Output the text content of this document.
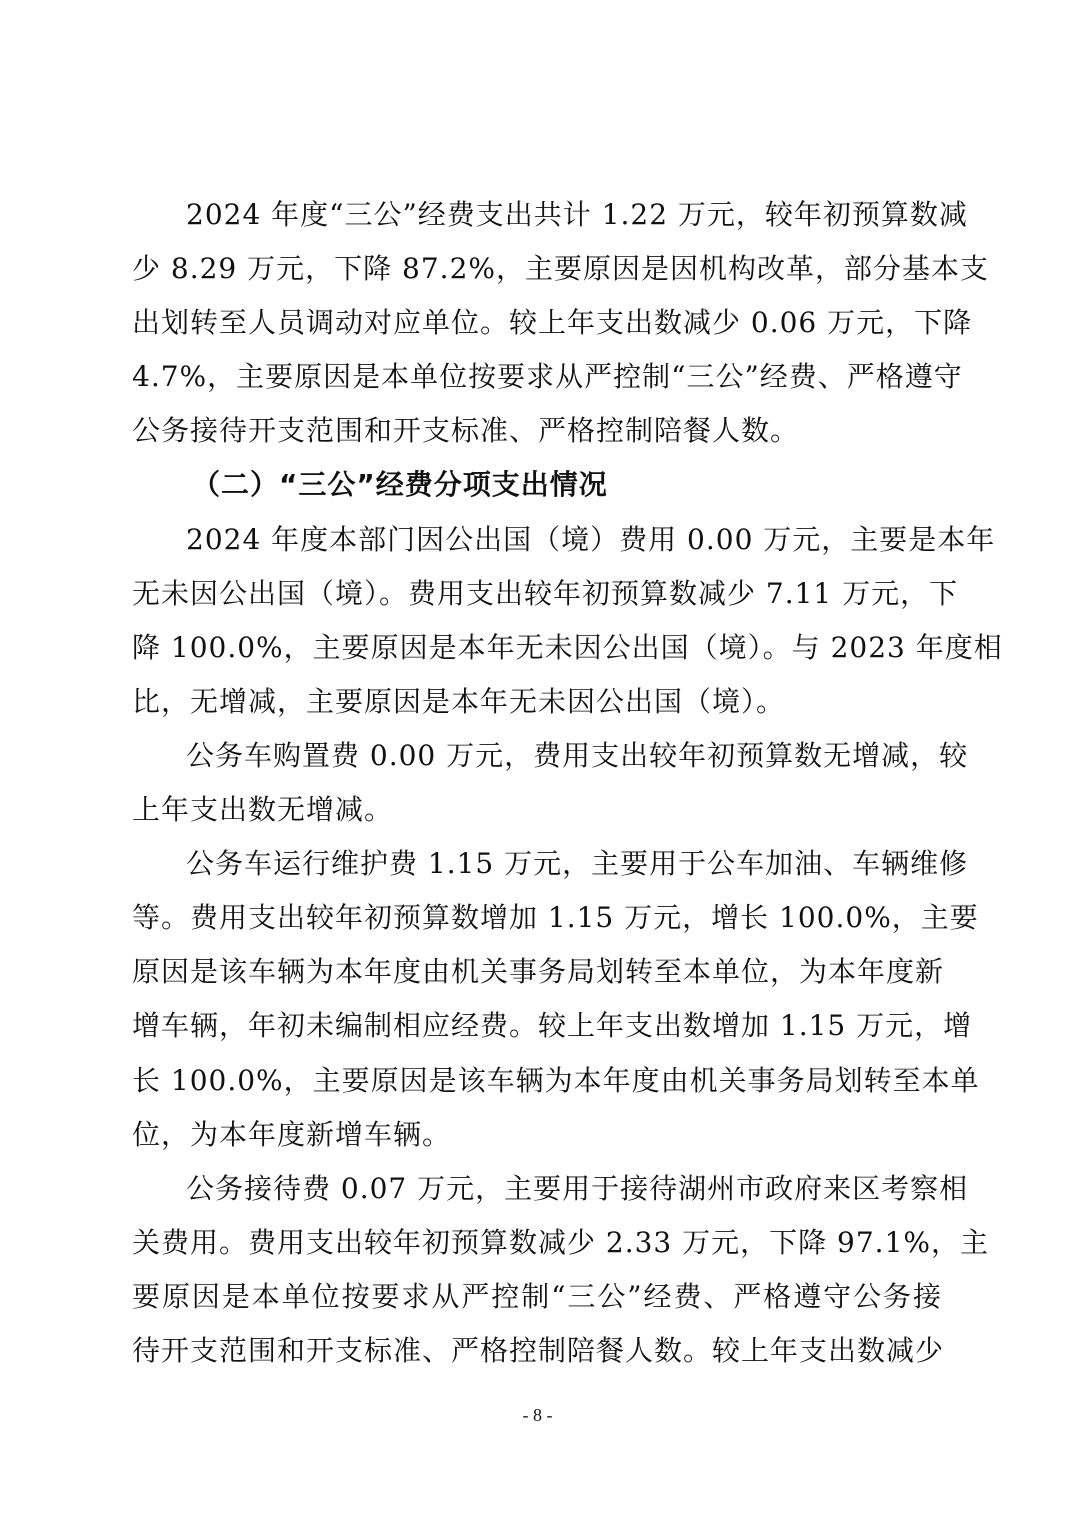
2024 年度“三公”经费支出共计 1.22 万元，较年初预算数减
少 8.29 万元，下降 87.2%，主要原因是因机构改革，部分基本支
出划转至人员调动对应单位。较上年支出数减少 0.06 万元，下降
4.7%，主要原因是本单位按要求从严控制“三公”经费、严格遵守
公务接待开支范围和开支标准、严格控制陪餐人数。
（二）“三公”经费分项支出情况
2024 年度本部门因公出国（境）费用 0.00 万元，主要是本年
无未因公出国（境）。费用支出较年初预算数减少 7.11 万元，下
降 100.0%，主要原因是本年无未因公出国（境）。与 2023 年度相
比，无增减，主要原因是本年无未因公出国（境）。
公务车购置费 0.00 万元，费用支出较年初预算数无增减，较
上年支出数无增减。
公务车运行维护费 1.15 万元，主要用于公车加油、车辆维修
等。费用支出较年初预算数增加 1.15 万元，增长 100.0%，主要
原因是该车辆为本年度由机关事务局划转至本单位，为本年度新
增车辆，年初未编制相应经费。较上年支出数增加 1.15 万元，增
长 100.0%，主要原因是该车辆为本年度由机关事务局划转至本单
位，为本年度新增车辆。
公务接待费 0.07 万元，主要用于接待湖州市政府来区考察相
关费用。费用支出较年初预算数减少 2.33 万元，下降 97.1%，主
要原因是本单位按要求从严控制“三公”经费、严格遵守公务接
待开支范围和开支标准、严格控制陪餐人数。较上年支出数减少
- 8 -
